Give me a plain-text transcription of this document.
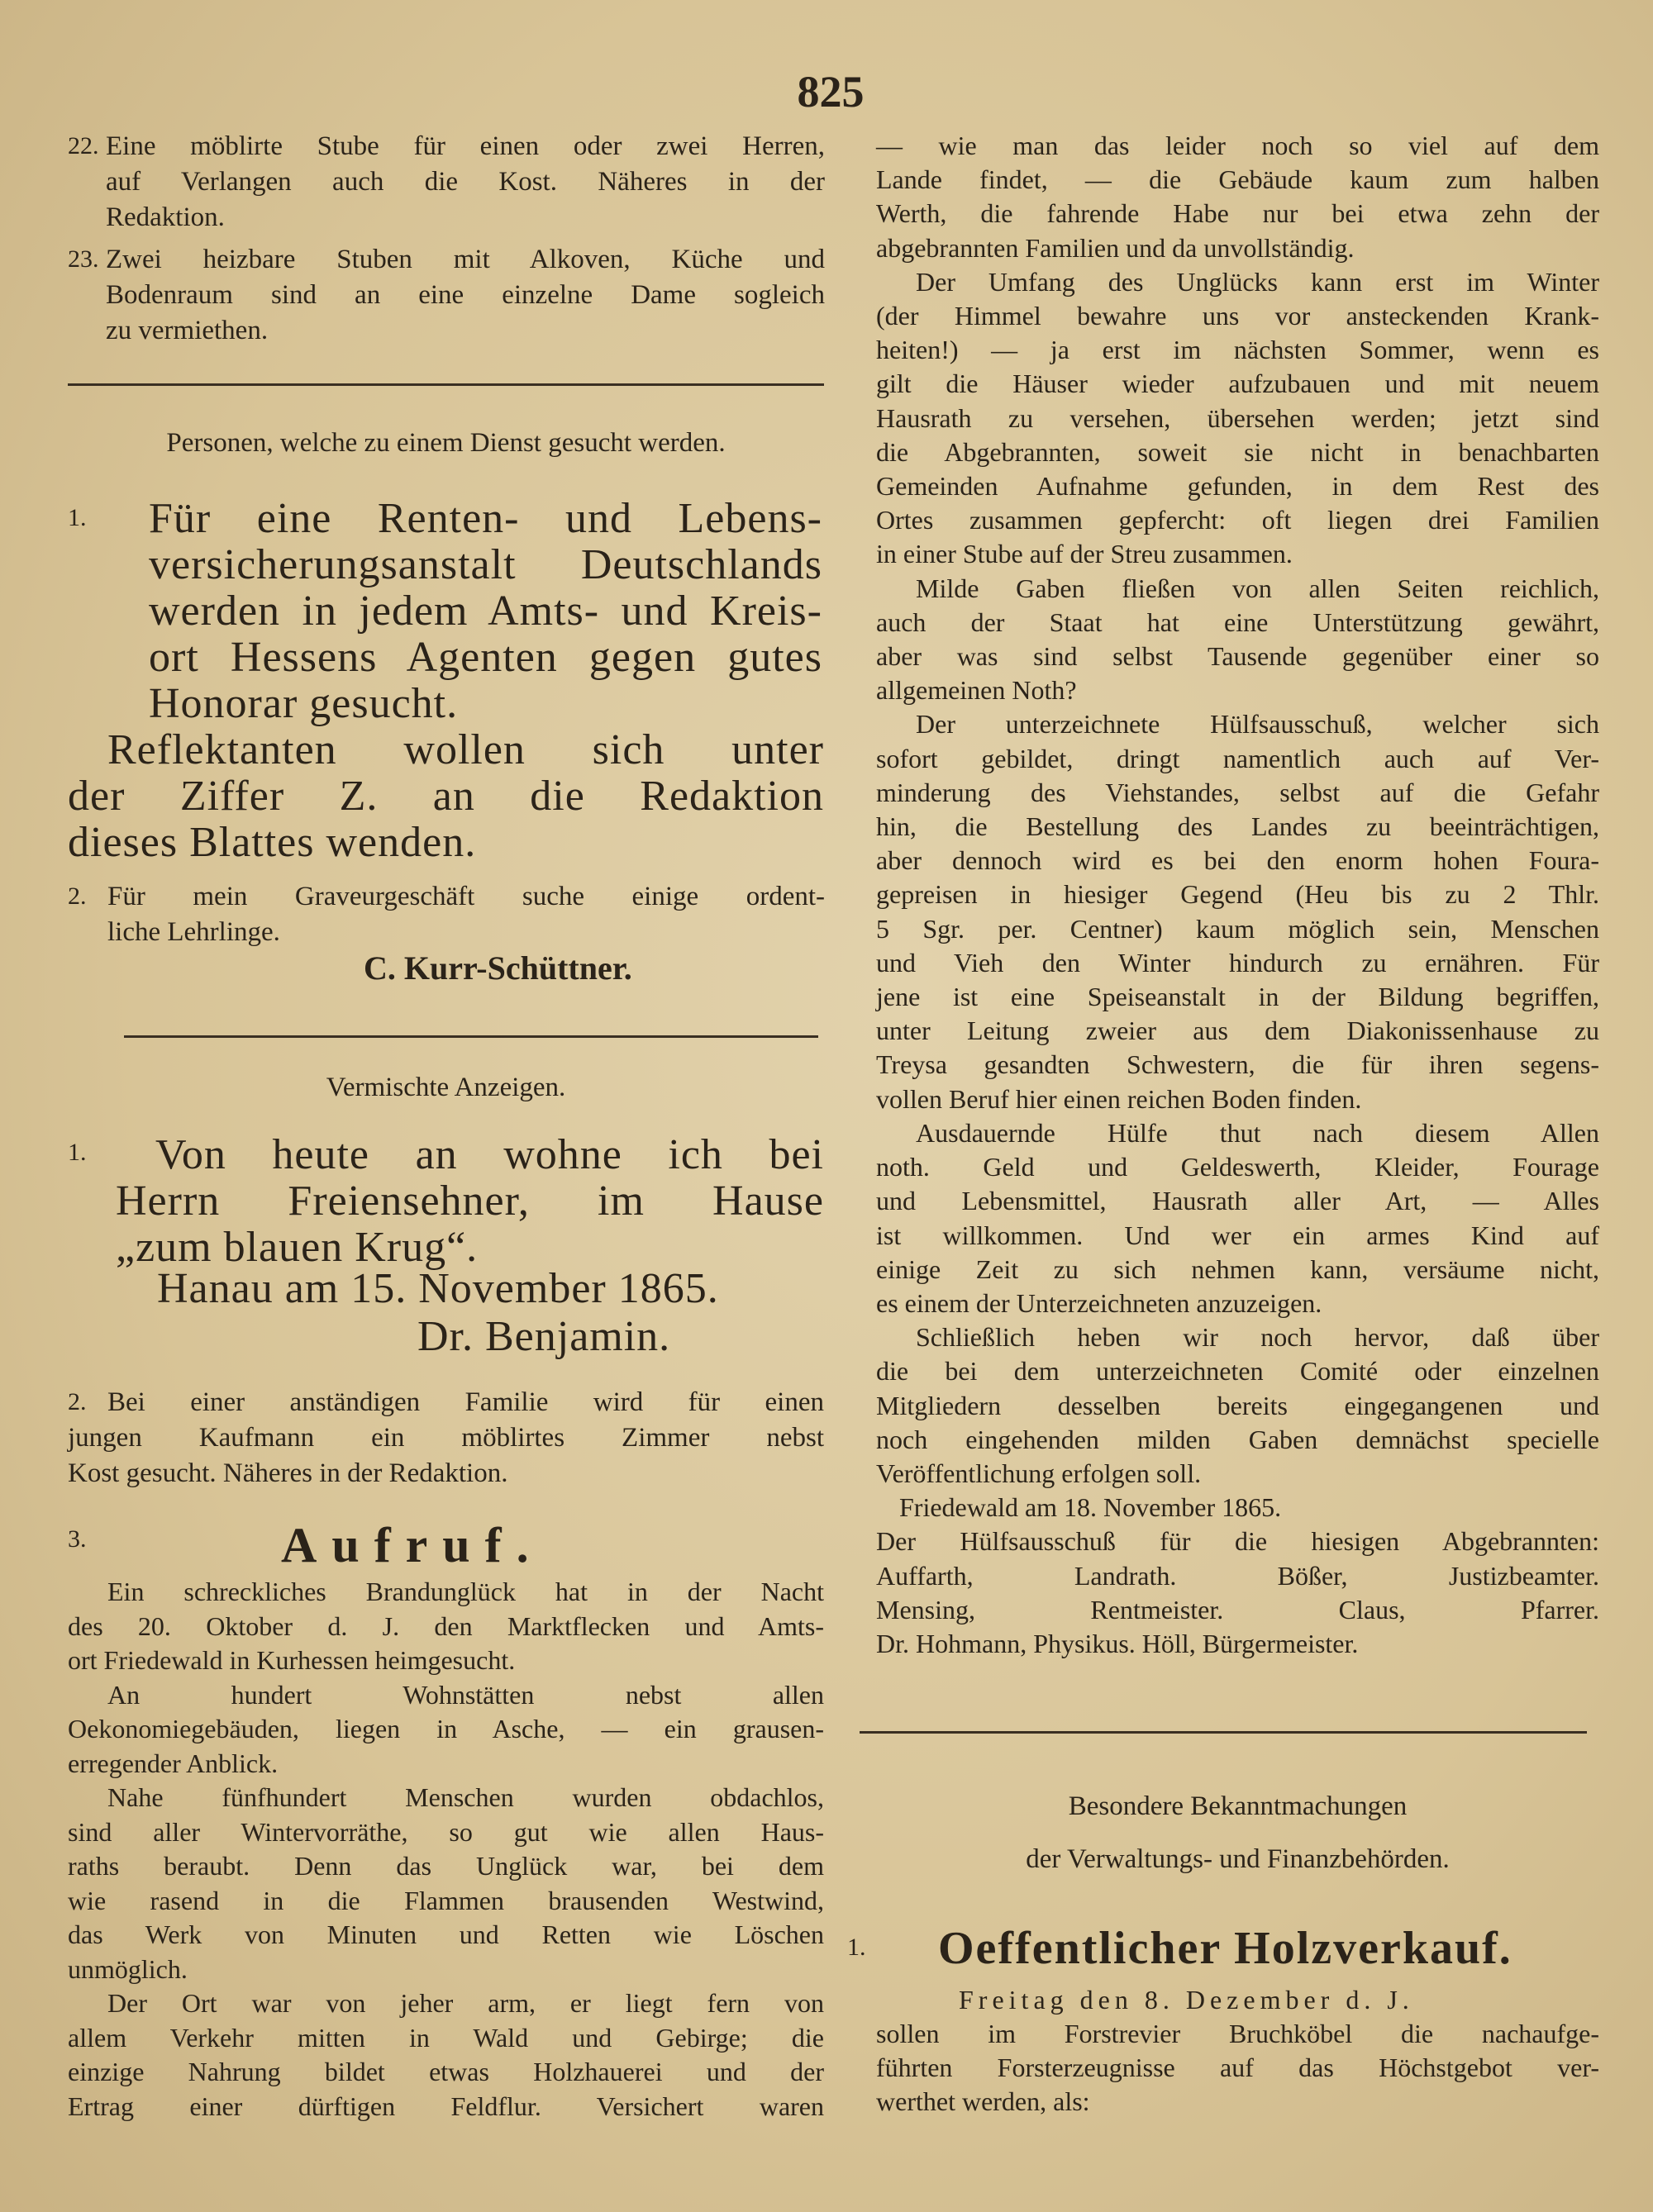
825
22. Eine möblirte Stube für einen oder zwei Herren,
auf Verlangen auch die Kost. Näheres in der
Redaktion.
23. Zwei heizbare Stuben mit Alkoven, Küche und
Bodenraum sind an eine einzelne Dame sogleich
zu vermiethen.
Personen, welche zu einem Dienst gesucht werden.
1. Für eine Renten- und Lebens-
versicherungsanstalt Deutschlands
werden in jedem Amts- und Kreis-
ort Hessens Agenten gegen gutes
Honorar gesucht.
Reflektanten wollen sich unter
der Ziffer Z. an die Redaktion
dieses Blattes wenden.
2. Für mein Graveurgeschäft suche einige ordent-
liche Lehrlinge.
C. Kurr-Schüttner.
Vermischte Anzeigen.
1.	Von heute an wohne ich bei
Herrn Freiensehner, im Hause
„zum blauen Krug“.
Hanau am 15. November 1865.
Dr. Benjamin.
2. Bei einer anständigen Familie wird für einen
jungen Kaufmann ein möblirtes Zimmer nebst
Kost gesucht. Näheres in der Redaktion.
3.	Aufruf.
Ein schreckliches Brandunglück hat in der Nacht
des 20. Oktober d. J. den Marktflecken und Amts-
ort Friedewald in Kurhessen heimgesucht.
An hundert Wohnstätten nebst allen
Oekonomiegebäuden, liegen in Asche, — ein grausen-
erregender Anblick.
Nahe fünfhundert Menschen wurden obdachlos,
sind aller Wintervorräthe, so gut wie allen Haus-
raths beraubt. Denn das Unglück war, bei dem
wie rasend in die Flammen brausenden Westwind,
das Werk von Minuten und Retten wie Löschen
unmöglich.
Der Ort war von jeher arm, er liegt fern von
allem Verkehr mitten in Wald und Gebirge; die
einzige Nahrung bildet etwas Holzhauerei und der
Ertrag einer dürftigen Feldflur. Versichert waren
— wie man das leider noch so viel auf dem
Lande findet, — die Gebäude kaum zum halben
Werth, die fahrende Habe nur bei etwa zehn der
abgebrannten Familien und da unvollständig.
Der Umfang des Unglücks kann erst im Winter
(der Himmel bewahre uns vor ansteckenden Krank-
heiten!) — ja erst im nächsten Sommer, wenn es
gilt die Häuser wieder aufzubauen und mit neuem
Hausrath zu versehen, übersehen werden; jetzt sind
die Abgebrannten, soweit sie nicht in benachbarten
Gemeinden Aufnahme gefunden, in dem Rest des
Ortes zusammen gepfercht: oft liegen drei Familien
in einer Stube auf der Streu zusammen.
Milde Gaben fließen von allen Seiten reichlich,
auch der Staat hat eine Unterstützung gewährt,
aber was sind selbst Tausende gegenüber einer so
allgemeinen Noth?
Der unterzeichnete Hülfsausschuß, welcher sich
sofort gebildet, dringt namentlich auch auf Ver-
minderung des Viehstandes, selbst auf die Gefahr
hin, die Bestellung des Landes zu beeinträchtigen,
aber dennoch wird es bei den enorm hohen Foura-
gepreisen in hiesiger Gegend (Heu bis zu 2 Thlr.
5 Sgr. per. Centner) kaum möglich sein, Menschen
und Vieh den Winter hindurch zu ernähren. Für
jene ist eine Speiseanstalt in der Bildung begriffen,
unter Leitung zweier aus dem Diakonissenhause zu
Treysa gesandten Schwestern, die für ihren segens-
vollen Beruf hier einen reichen Boden finden.
Ausdauernde Hülfe thut nach diesem Allen
noth. Geld und Geldeswerth, Kleider, Fourage
und Lebensmittel, Hausrath aller Art, — Alles
ist willkommen. Und wer ein armes Kind auf
einige Zeit zu sich nehmen kann, versäume nicht,
es einem der Unterzeichneten anzuzeigen.
Schließlich heben wir noch hervor, daß über
die bei dem unterzeichneten Comité oder einzelnen
Mitgliedern desselben bereits eingegangenen und
noch eingehenden milden Gaben demnächst specielle
Veröffentlichung erfolgen soll.
Friedewald am 18. November 1865.
Der Hülfsausschuß für die hiesigen Abgebrannten:
Auffarth, Landrath. Bößer, Justizbeamter.
Mensing, Rentmeister. Claus, Pfarrer.
Dr. Hohmann, Physikus. Höll, Bürgermeister.
Besondere Bekanntmachungen
der Verwaltungs- und Finanzbehörden.
1. Oeffentlicher Holzverkauf.
Freitag den 8. Dezember d. J.
sollen im Forstrevier Bruchköbel die nachaufge-
führten Forsterzeugnisse auf das Höchstgebot ver-
werthet werden, als:
